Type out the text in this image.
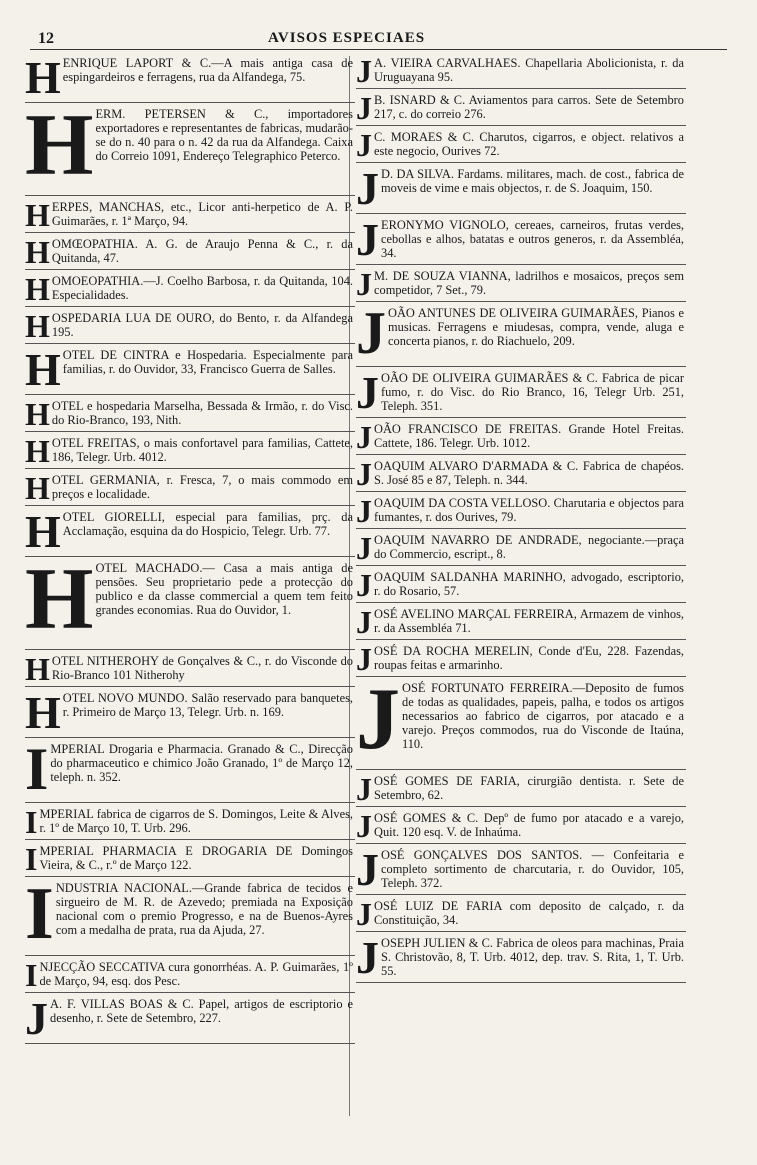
12	AVISOS ESPECIAES
HENRIQUE LAPORT & C.—A mais antiga casa de espingardeiros e ferragens, rua da Alfandega, 75.
HERM. PETERSEN & C., importadores exportadores e representantes de fabricas, mudarão-se do n. 40 para o n. 42 da rua da Alfandega. Caixa do Correio 1091, Endereço Telegraphico Peterco.
HERPES, MANCHAS, etc., Licor anti-herpetico de A. P. Guimarães, r. 1ª Março, 94.
HOMŒOPATHIA. A. G. de Araujo Penna & C., r. da Quitanda, 47.
HOMOEOPATHIA.—J. Coelho Barbosa, r. da Quitanda, 104. Especialidades.
HOSPEDARIA LUA DE OURO, do Bento, r. da Alfandega 195.
HOTEL DE CINTRA e Hospedaria. Especialmente para familias, r. do Ouvidor, 33, Francisco Guerra de Salles.
HOTEL e hospedaria Marselha, Bessada & Irmão, r. do Visc. do Rio-Branco, 193, Nith.
HOTEL FREITAS, o mais confortavel para familias, Cattete, 186, Telegr. Urb. 4012.
HOTEL GERMANIA, r. Fresca, 7, o mais commodo em preços e localidade.
HOTEL GIORELLI, especial para familias, prç. da Acclamação, esquina da do Hospicio, Telegr. Urb. 77.
HOTEL MACHADO.— Casa a mais antiga de pensões. Seu proprietario pede a protecção do publico e da classe commercial a quem tem feito grandes economias. Rua do Ouvidor, 1.
HOTEL NITHEROHY de Gonçalves & C., r. do Visconde do Rio-Branco 101 Nitherohy
HOTEL NOVO MUNDO. Salão reservado para banquetes, r. Primeiro de Março 13, Telegr. Urb. n. 169.
IMPERIAL Drogaria e Pharmacia. Granado & C., Direcção do pharmaceutico e chimico João Granado, 1º de Março 12, teleph. n. 352.
IMPERIAL fabrica de cigarros de S. Domingos, Leite & Alves, r. 1º de Março 10, T. Urb. 296.
IMPERIAL PHARMACIA E DROGARIA DE Domingos Vieira, & C., r.º de Março 122.
INDUSTRIA NACIONAL.—Grande fabrica de tecidos e sirgueiro de M. R. de Azevedo; premiada na Exposição nacional com o premio Progresso, e na de Buenos-Ayres com a medalha de prata, rua da Ajuda, 27.
INJECÇÃO SECCATIVA cura gonorrhéas. A. P. Guimarães, 1º de Março, 94, esq. dos Pesc.
J A. F. VILLAS BOAS & C. Papel, artigos de escriptorio e desenho, r. Sete de Setembro, 227.
J A. VIEIRA CARVALHAES. Chapellaria Abolicionista, r. da Uruguayana 95.
J B. ISNARD & C. Aviamentos para carros. Sete de Setembro 217, c. do correio 276.
J C. MORAES & C. Charutos, cigarros, e object. relativos a este negocio, Ourives 72.
J D. DA SILVA. Fardams. militares, mach. de cost., fabrica de moveis de vime e mais objectos, r. de S. Joaquim, 150.
JERONYMO VIGNOLO, cereaes, carneiros, frutas verdes, cebollas e alhos, batatas e outros generos, r. da Assembléa, 34.
J M. DE SOUZA VIANNA, ladrilhos e mosaicos, preços sem competidor, 7 Set., 79.
JOÃO ANTUNES DE OLIVEIRA GUIMARÃES, Pianos e musicas. Ferragens e miudesas, compra, vende, aluga e concerta pianos, r. do Riachuelo, 209.
JOÃO DE OLIVEIRA GUIMARÃES & C. Fabrica de picar fumo, r. do Visc. do Rio Branco, 16, Telegr Urb. 251, Teleph. 351.
JOÃO FRANCISCO DE FREITAS. Grande Hotel Freitas. Cattete, 186. Telegr. Urb. 1012.
JOAQUIM ALVARO D'ARMADA & C. Fabrica de chapéos. S. José 85 e 87, Teleph. n. 344.
JOAQUIM DA COSTA VELLOSO. Charutaria e objectos para fumantes, r. dos Ourives, 79.
JOAQUIM NAVARRO DE ANDRADE, negociante.—praça do Commercio, escript., 8.
JOAQUIM SALDANHA MARINHO, advogado, escriptorio, r. do Rosario, 57.
JOSÉ AVELINO MARÇAL FERREIRA, Armazem de vinhos, r. da Assembléa 71.
JOSÉ DA ROCHA MERELIN, Conde d'Eu, 228. Fazendas, roupas feitas e armarinho.
JOSÉ FORTUNATO FERREIRA.—Deposito de fumos de todas as qualidades, papeis, palha, e todos os artigos necessarios ao fabrico de cigarros, por atacado e a varejo. Preços commodos, rua do Visconde de Itaúna, 110.
JOSÉ GOMES DE FARIA, cirurgião dentista. r. Sete de Setembro, 62.
JOSÉ GOMES & C. Depº de fumo por atacado e a varejo, Quit. 120 esq. V. de Inhaúma.
JOSÉ GONÇALVES DOS SANTOS. — Confeitaria e completo sortimento de charcutaria, r. do Ouvidor, 105, Teleph. 372.
JOSÉ LUIZ DE FARIA com deposito de calçado, r. da Constituição, 34.
JOSEPH JULIEN & C. Fabrica de oleos para machinas, Praia S. Christovão, 8, T. Urb. 4012, dep. trav. S. Rita, 1, T. Urb. 55.
